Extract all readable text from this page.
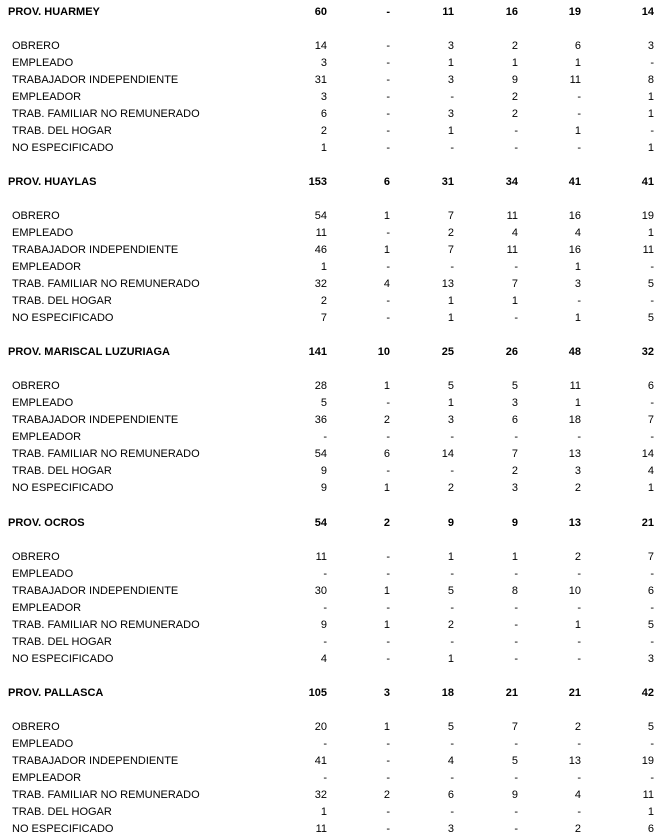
PROV. HUARMEY	60	-	11	16	19	14
OBRERO	14	-	3	2	6	3
EMPLEADO	3	-	1	1	1	-
TRABAJADOR INDEPENDIENTE	31	-	3	9	11	8
EMPLEADOR	3	-	-	2	-	1
TRAB. FAMILIAR NO REMUNERADO	6	-	3	2	-	1
TRAB. DEL HOGAR	2	-	1	-	1	-
NO ESPECIFICADO	1	-	-	-	-	1
PROV. HUAYLAS	153	6	31	34	41	41
OBRERO	54	1	7	11	16	19
EMPLEADO	11	-	2	4	4	1
TRABAJADOR INDEPENDIENTE	46	1	7	11	16	11
EMPLEADOR	1	-	-	-	1	-
TRAB. FAMILIAR NO REMUNERADO	32	4	13	7	3	5
TRAB. DEL HOGAR	2	-	1	1	-	-
NO ESPECIFICADO	7	-	1	-	1	5
PROV. MARISCAL LUZURIAGA	141	10	25	26	48	32
OBRERO	28	1	5	5	11	6
EMPLEADO	5	-	1	3	1	-
TRABAJADOR INDEPENDIENTE	36	2	3	6	18	7
EMPLEADOR	-	-	-	-	-	-
TRAB. FAMILIAR NO REMUNERADO	54	6	14	7	13	14
TRAB. DEL HOGAR	9	-	-	2	3	4
NO ESPECIFICADO	9	1	2	3	2	1
PROV. OCROS	54	2	9	9	13	21
OBRERO	11	-	1	1	2	7
EMPLEADO	-	-	-	-	-	-
TRABAJADOR INDEPENDIENTE	30	1	5	8	10	6
EMPLEADOR	-	-	-	-	-	-
TRAB. FAMILIAR NO REMUNERADO	9	1	2	-	1	5
TRAB. DEL HOGAR	-	-	-	-	-	-
NO ESPECIFICADO	4	-	1	-	-	3
PROV. PALLASCA	105	3	18	21	21	42
OBRERO	20	1	5	7	2	5
EMPLEADO	-	-	-	-	-	-
TRABAJADOR INDEPENDIENTE	41	-	4	5	13	19
EMPLEADOR	-	-	-	-	-	-
TRAB. FAMILIAR NO REMUNERADO	32	2	6	9	4	11
TRAB. DEL HOGAR	1	-	-	-	-	1
NO ESPECIFICADO	11	-	3	-	2	6
